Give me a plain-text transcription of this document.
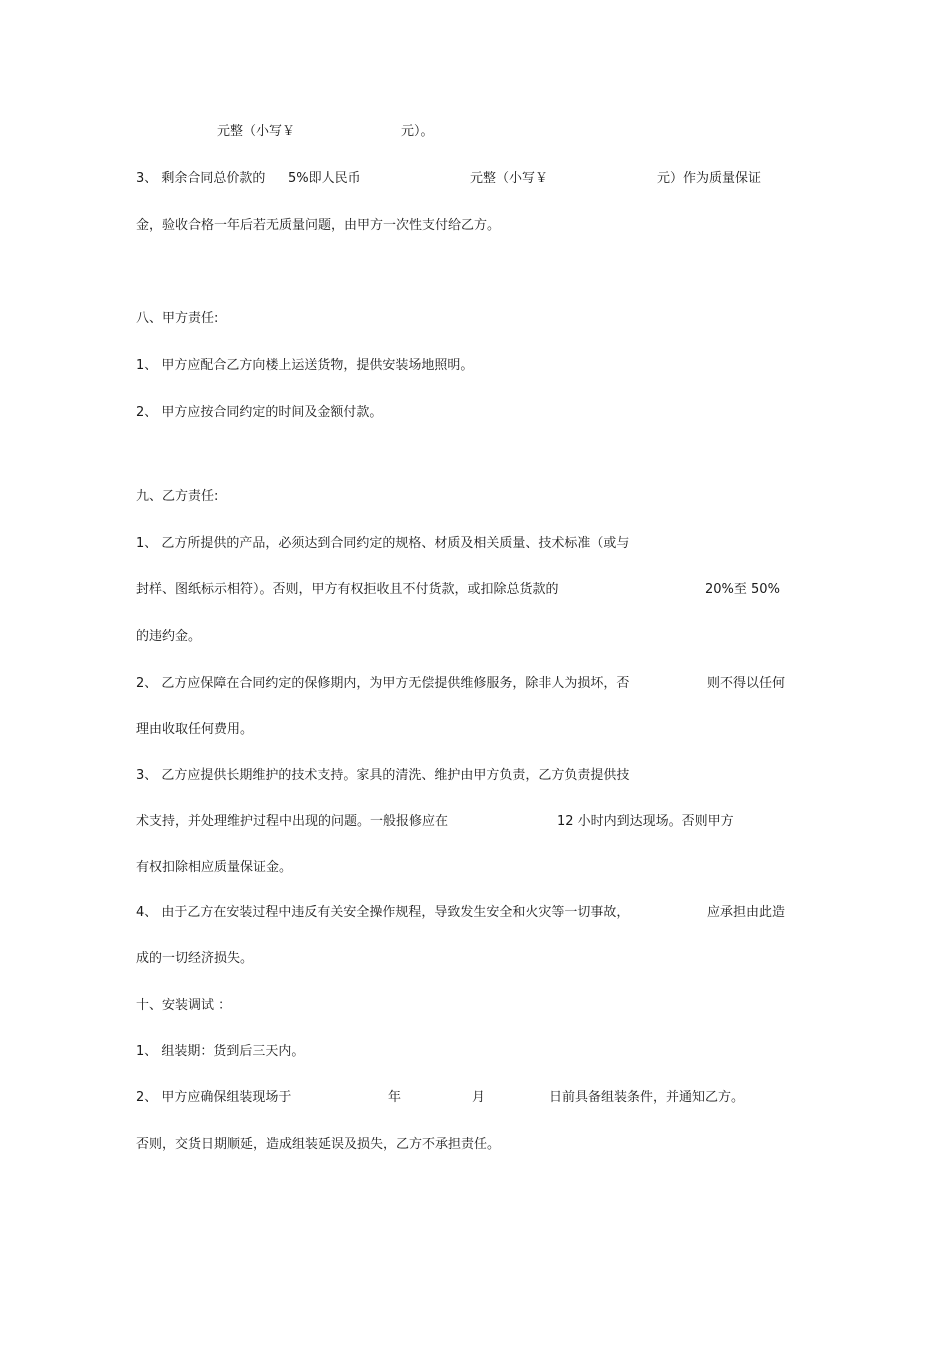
元整（小写￥	元）。
3、 剩余合同总价款的 5%即人民币	元整（小写￥	元）作为质量保证
金，验收合格一年后若无质量问题，由甲方一次性支付给乙方。
八、甲方责任:
1、 甲方应配合乙方向楼上运送货物，提供安装场地照明。
2、 甲方应按合同约定的时间及金额付款。
九、乙方责任:
1、 乙方所提供的产品，必须达到合同约定的规格、材质及相关质量、技术标准（或与
封样、图纸标示相符）。否则，甲方有权拒收且不付货款，或扣除总货款的	20%至 50%
的违约金。
2、 乙方应保障在合同约定的保修期内，为甲方无偿提供维修服务，除非人为损坏，否	则不得以任何
理由收取任何费用。
3、 乙方应提供长期维护的技术支持。家具的清洗、维护由甲方负责，乙方负责提供技
术支持，并处理维护过程中出现的问题。一般报修应在	12 小时内到达现场。否则甲方
有权扣除相应质量保证金。
4、 由于乙方在安装过程中违反有关安全操作规程，导致发生安全和火灾等一切事故，	应承担由此造
成的一切经济损失。
十、安装调试 ：
1、 组装期：货到后三天内。
2、 甲方应确保组装现场于	年	月	日前具备组装条件，并通知乙方。
否则，交货日期顺延，造成组装延误及损失，乙方不承担责任。
